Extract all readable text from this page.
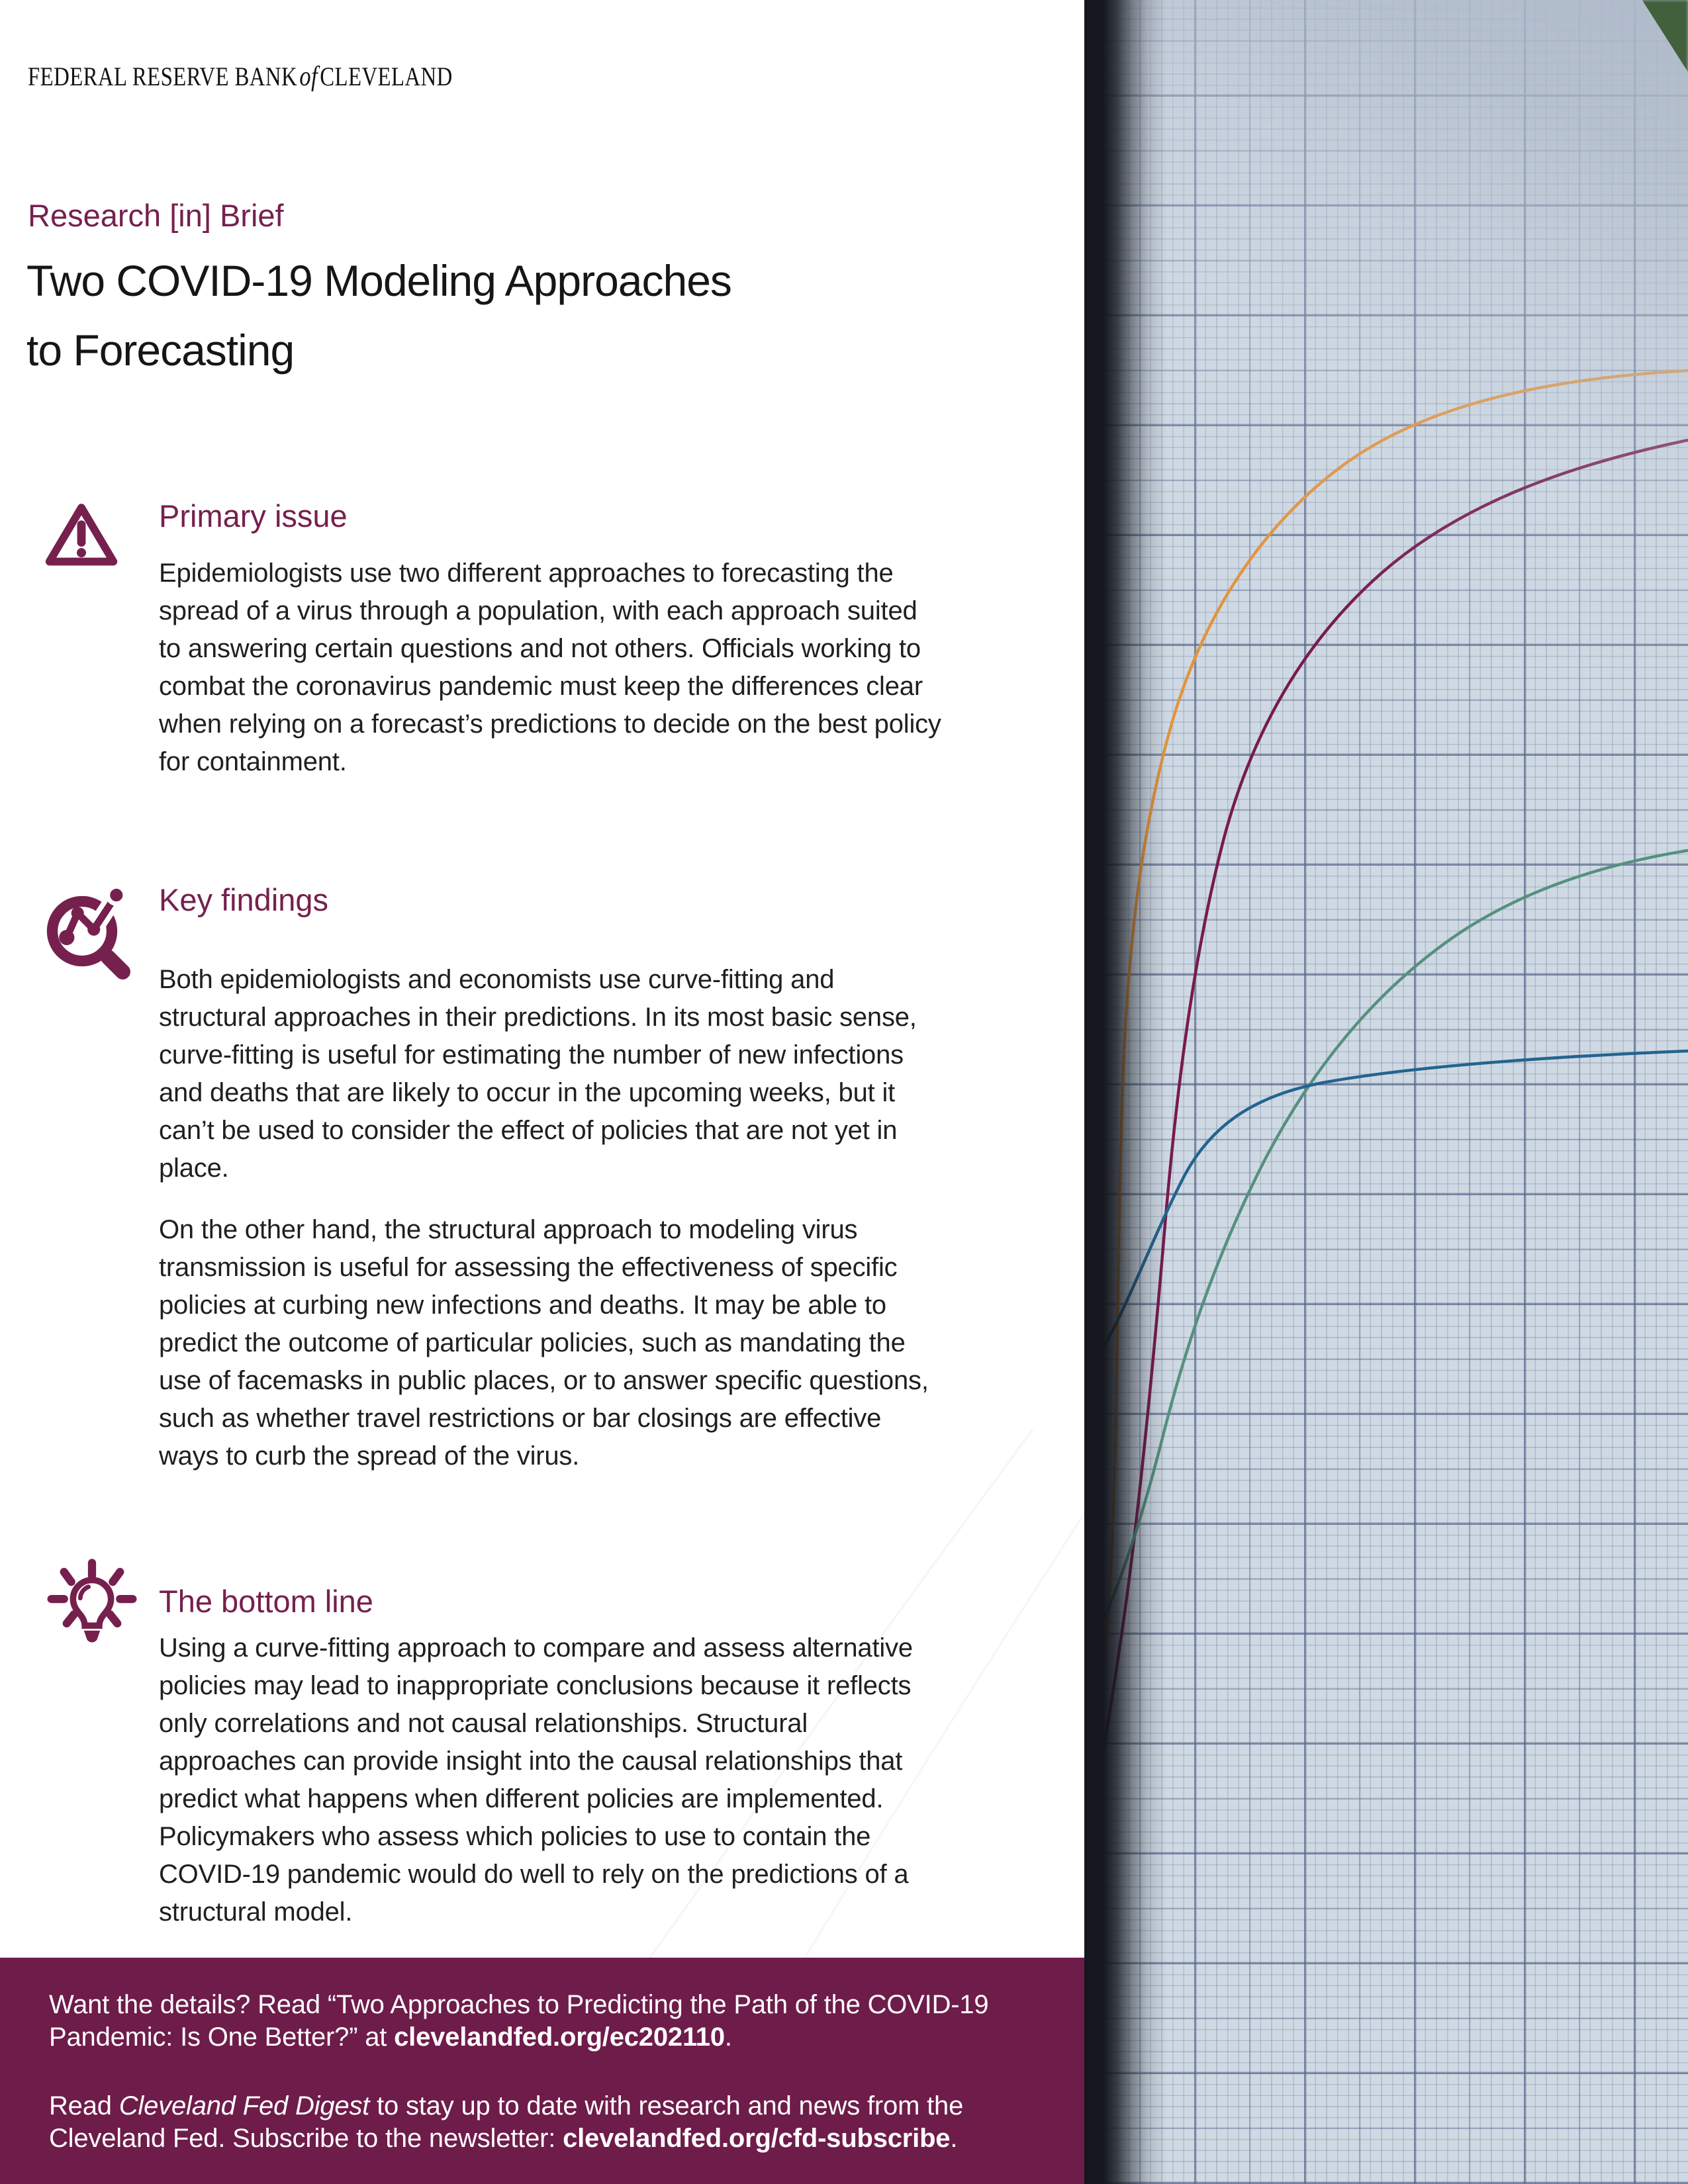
FEDERAL RESERVE BANKofCLEVELAND
Research [in] Brief
Two COVID-19 Modeling Approaches
to Forecasting
Primary issue

Epidemiologists use two different approaches to forecasting the spread of a virus through a population, with each approach suited to answering certain questions and not others. Officials working to combat the coronavirus pandemic must keep the differences clear when relying on a forecast’s predictions to decide on the best policy for containment.

Key findings

Both epidemiologists and economists use curve-fitting and structural approaches in their predictions. In its most basic sense, curve-fitting is useful for estimating the number of new infections and deaths that are likely to occur in the upcoming weeks, but it can’t be used to consider the effect of policies that are not yet in place.

On the other hand, the structural approach to modeling virus transmission is useful for assessing the effectiveness of specific policies at curbing new infections and deaths. It may be able to predict the outcome of particular policies, such as mandating the use of facemasks in public places, or to answer specific questions, such as whether travel restrictions or bar closings are effective ways to curb the spread of the virus.

The bottom line

Using a curve-fitting approach to compare and assess alternative policies may lead to inappropriate conclusions because it reflects only correlations and not causal relationships. Structural approaches can provide insight into the causal relationships that predict what happens when different policies are implemented. Policymakers who assess which policies to use to contain the COVID-19 pandemic would do well to rely on the predictions of a structural model.

Want the details? Read “Two Approaches to Predicting the Path of the COVID-19 Pandemic: Is One Better?” at clevelandfed.org/ec202110.

Read Cleveland Fed Digest to stay up to date with research and news from the Cleveland Fed. Subscribe to the newsletter: clevelandfed.org/cfd-subscribe.
